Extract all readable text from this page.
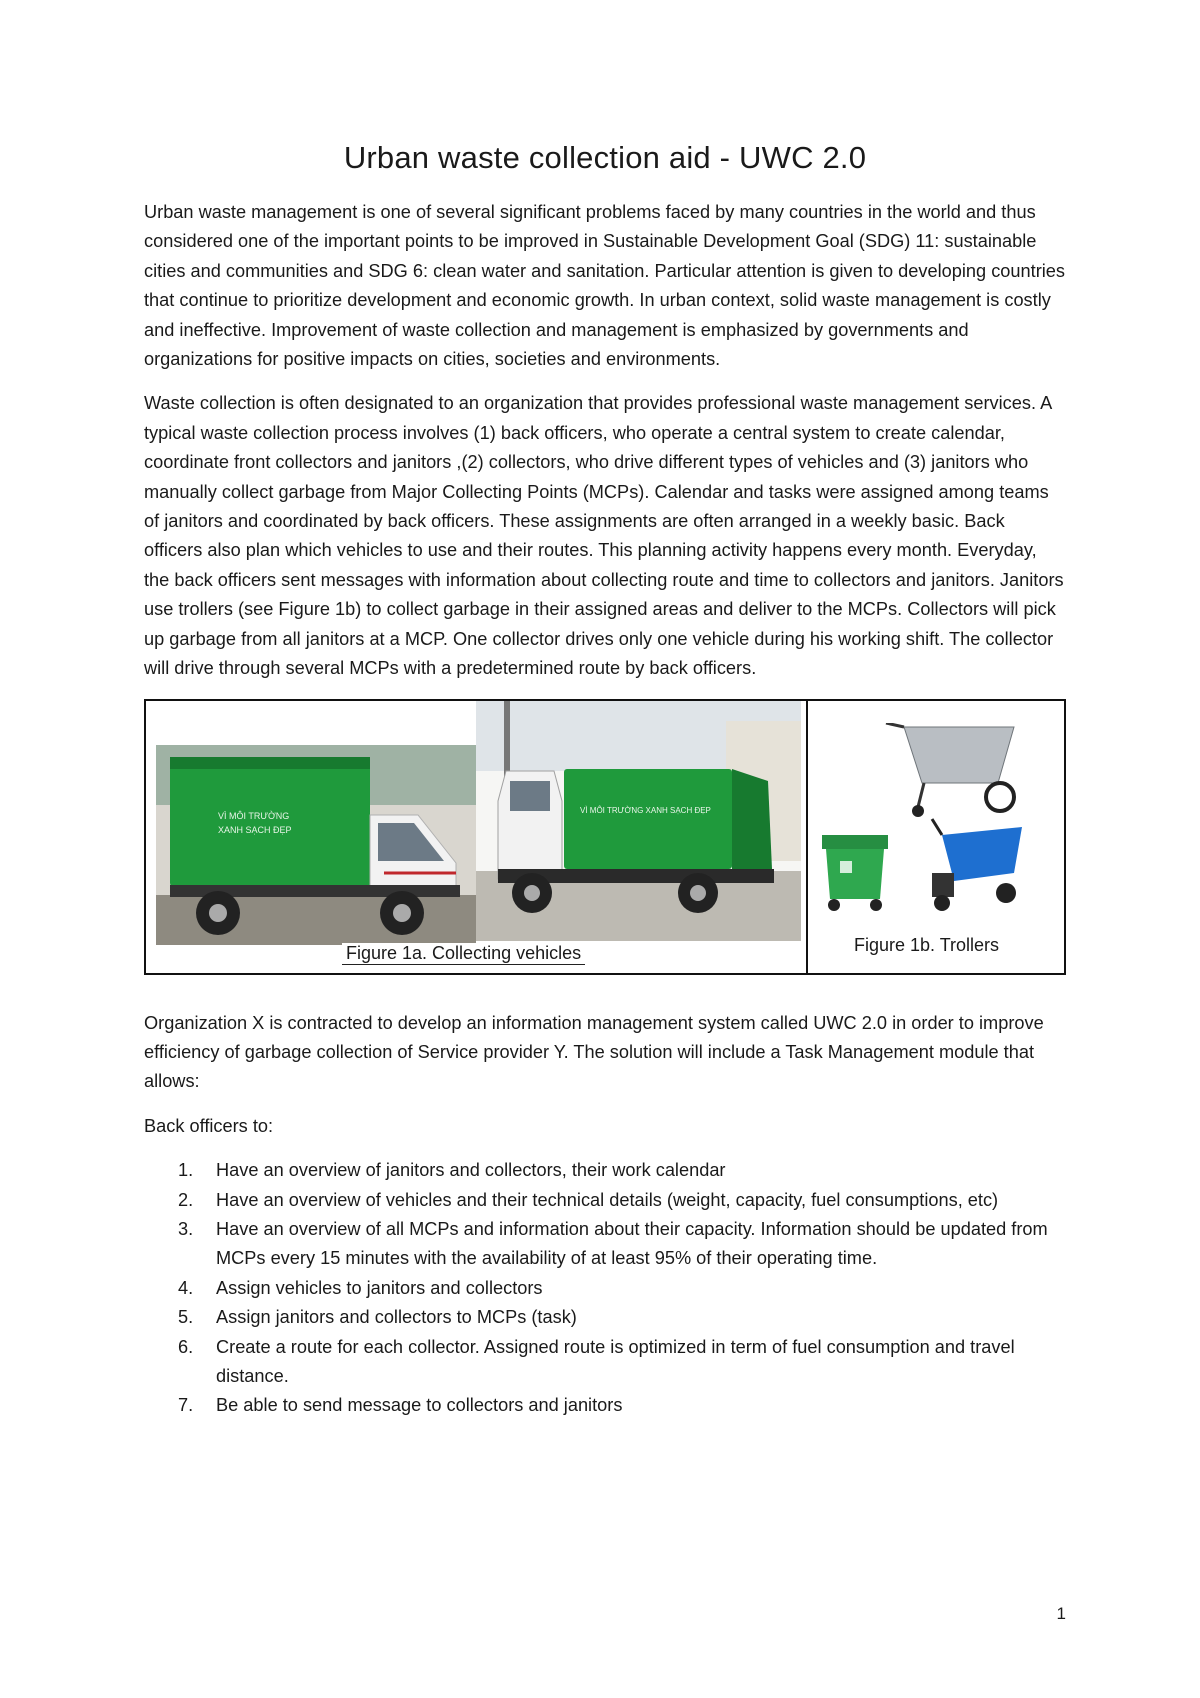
Urban waste collection aid - UWC 2.0

Urban waste management is one of several significant problems faced by many countries in the world and thus considered one of the important points to be improved in Sustainable Development Goal (SDG) 11: sustainable cities and communities and SDG 6: clean water and sanitation. Particular attention is given to developing countries that continue to prioritize development and economic growth. In urban context, solid waste management is costly and ineffective. Improvement of waste collection and management is emphasized by governments and organizations for positive impacts on cities, societies and environments.

Waste collection is often designated to an organization that provides professional waste management services. A typical waste collection process involves (1) back officers, who operate a central system to create calendar, coordinate front collectors and janitors ,(2) collectors, who drive different types of vehicles and (3) janitors who manually collect garbage from Major Collecting Points (MCPs). Calendar and tasks were assigned among teams of janitors and coordinated by back officers. These assignments are often arranged in a weekly basic. Back officers also plan which vehicles to use and their routes. This planning activity happens every month. Everyday, the back officers sent messages with information about collecting route and time to collectors and janitors. Janitors use trollers (see Figure 1b) to collect garbage in their assigned areas and deliver to the MCPs. Collectors will pick up garbage from all janitors at a MCP. One collector drives only one vehicle during his working shift. The collector will drive through several MCPs with a predetermined route by back officers.

VÌ MÔI TRƯỜNG
XANH SẠCH ĐẸP
VÌ MÔI TRƯỜNG XANH SẠCH ĐẸP
Figure 1a. Collecting vehicles	Figure 1b. Trollers

Organization X is contracted to develop an information management system called UWC 2.0 in order to improve efficiency of garbage collection of Service provider Y. The solution will include a Task Management module that allows:

Back officers to:

1. Have an overview of janitors and collectors, their work calendar
2. Have an overview of vehicles and their technical details (weight, capacity, fuel consumptions, etc)
3. Have an overview of all MCPs and information about their capacity. Information should be updated from MCPs every 15 minutes with the availability of at least 95% of their operating time.
4. Assign vehicles to janitors and collectors
5. Assign janitors and collectors to MCPs (task)
6. Create a route for each collector. Assigned route is optimized in term of fuel consumption and travel distance.
7. Be able to send message to collectors and janitors
1
